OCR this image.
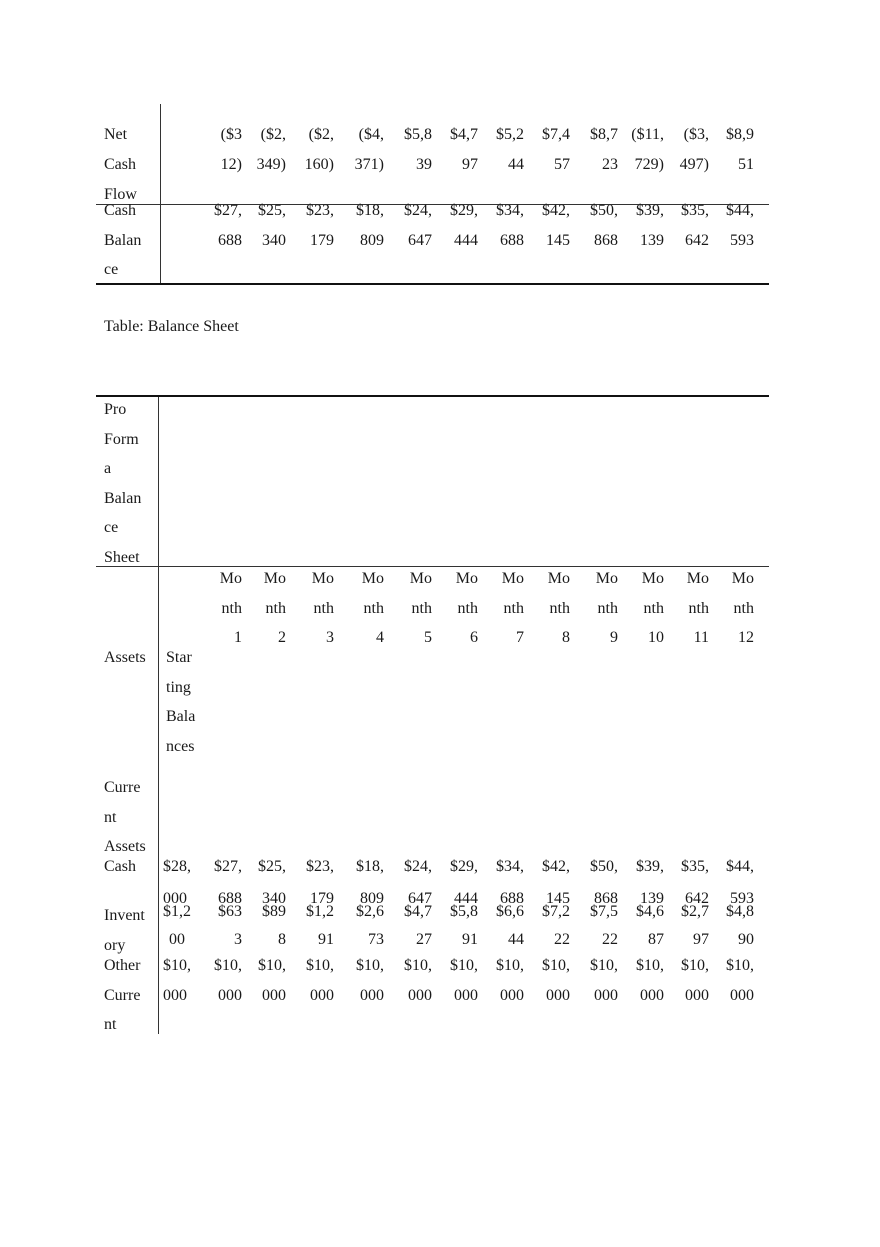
Net
Cash
Flow
($3
12)
($2,
349)
($2,
160)
($4,
371)
$5,8
39
$4,7
97
$5,2
44
$7,4
57
$8,7
23
($11,
729)
($3,
497)
$8,9
51
Cash
Balan
ce
$27,
688
$25,
340
$23,
179
$18,
809
$24,
647
$29,
444
$34,
688
$42,
145
$50,
868
$39,
139
$35,
642
$44,
593
Table: Balance Sheet
Pro
Form
a
Balan
ce
Sheet
Mo
nth
1
Mo
nth
2
Mo
nth
3
Mo
nth
4
Mo
nth
5
Mo
nth
6
Mo
nth
7
Mo
nth
8
Mo
nth
9
Mo
nth
10
Mo
nth
11
Mo
nth
12
Assets Star
ting
Bala
nces
Curre
nt
Assets
Cash	$28,
000
$27,
688
$25,
340
$23,
179
$18,
809
$24,
647
$29,
444
$34,
688
$42,
145
$50,
868
$39,
139
$35,
642
$44,
593
Invent
ory
$1,2
00
$63
3
$89
8
$1,2
91
$2,6
73
$4,7
27
$5,8
91
$6,6
44
$7,2
22
$7,5
22
$4,6
87
$2,7
97
$4,8
90
Other
Curre
nt
$10,
000
$10,
000
$10,
000
$10,
000
$10,
000
$10,
000
$10,
000
$10,
000
$10,
000
$10,
000
$10,
000
$10,
000
$10,
000
